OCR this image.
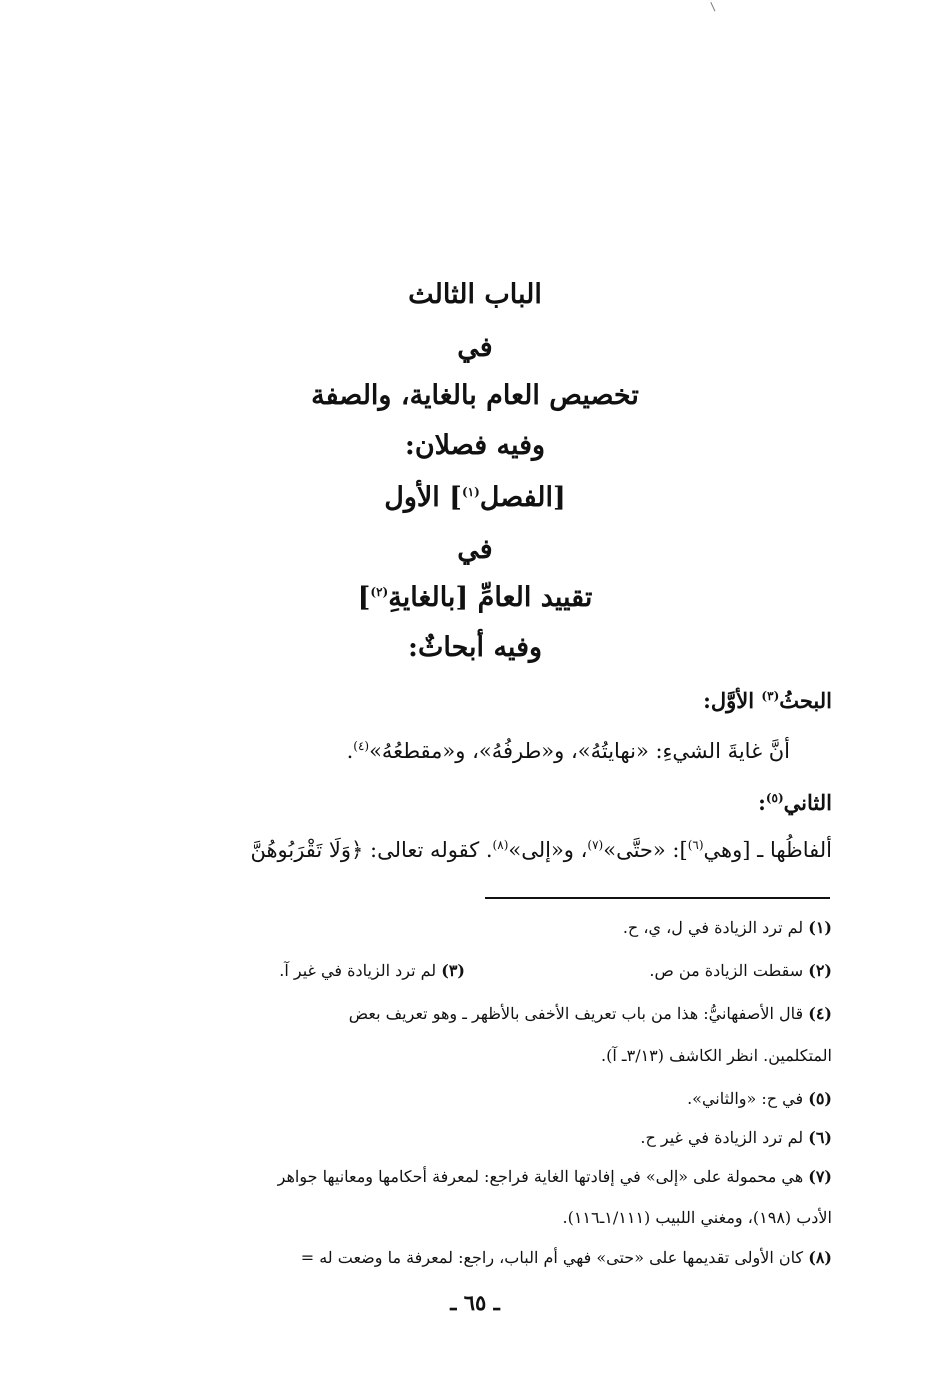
الباب الثالث
في
تخصيص العام بالغاية، والصفة
وفيه فصلان:
[الفصل$^{(١)}$] الأول
في
تقييد العامِّ [بالغايةِ$^{(٢)}$]
وفيه أبحاثٌ:
البحثُ$^{(٣)}$ الأوَّل:
أنَّ غايةَ الشيءِ: «نهايتُهُ»، و«طرفُهُ»، و«مقطعُهُ»$^{(٤)}$.
الثاني$^{(٥)}$:
ألفاظُها ـ [وهي$^{(٦)}$]: «حتَّى»$^{(٧)}$، و«إلى»$^{(٨)}$. كقوله تعالى: ﴿وَلَا تَقْرَبُوهُنَّ
(١) لم ترد الزيادة في ل، ي، ح.
(٢) سقطت الزيادة من ص.
(٣) لم ترد الزيادة في غير آ.
(٤) قال الأصفهانيُّ: هذا من باب تعريف الأخفى بالأظهر ـ وهو تعريف بعض
المتكلمين. انظر الكاشف (٣/١٣ـ آ).
(٥) في ح: «والثاني».
(٦) لم ترد الزيادة في غير ح.
(٧) هي محمولة على «إلى» في إفادتها الغاية فراجع: لمعرفة أحكامها ومعانيها جواهر
الأدب (١٩٨)، ومغني اللبيب (١/١١١ـ١١٦).
(٨) كان الأولى تقديمها على «حتى» فهي أم الباب، راجع: لمعرفة ما وضعت له =
ـ ٦٥ ـ
